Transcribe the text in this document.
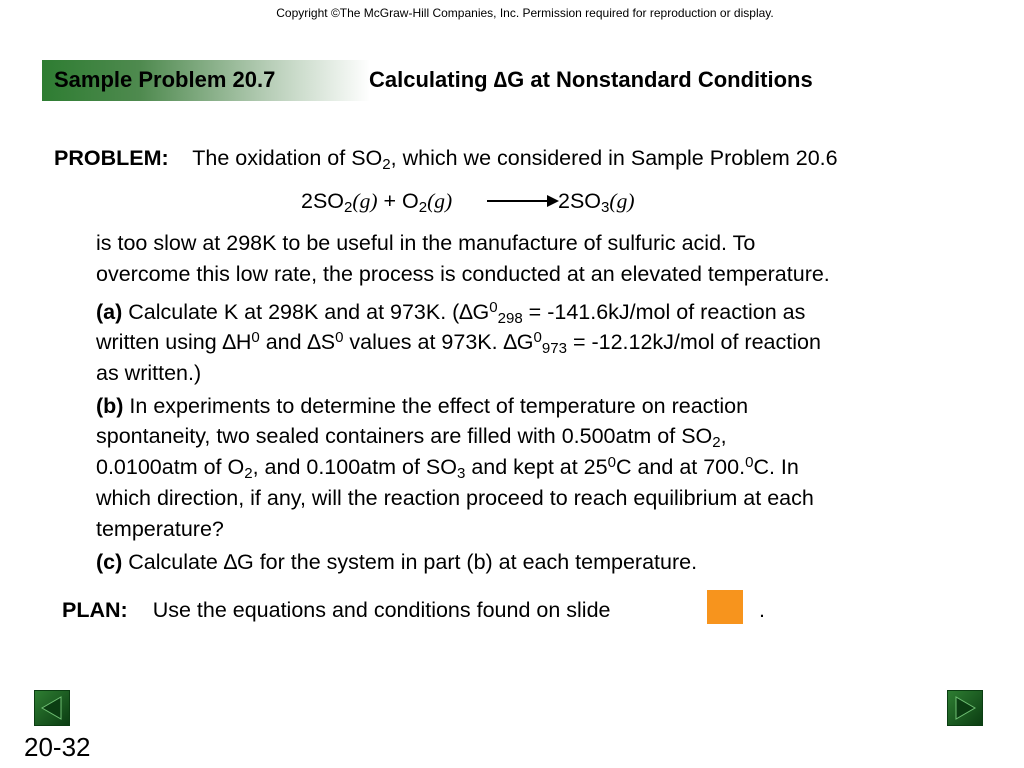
Copyright ©The McGraw-Hill Companies, Inc. Permission required for reproduction or display.
Sample Problem 20.7	Calculating ∆G at Nonstandard Conditions
PROBLEM: The oxidation of $SO_2$, which we considered in Sample Problem 20.6
$2SO_2(g) + O_2(g)$	$2SO_3(g)$
is too slow at 298K to be useful in the manufacture of sulfuric acid. To
overcome this low rate, the process is conducted at an elevated temperature.
(a) Calculate K at 298K and at 973K. ($\Delta G^0_{298} = -141.6kJ/mol$ of reaction as
written using $\Delta H^0$ and $\Delta S^0$ values at 973K. $\Delta G^0_{973} = -12.12kJ/mol$ of reaction
as written.)
(b) In experiments to determine the effect of temperature on reaction
spontaneity, two sealed containers are filled with 0.500atm of $SO_2$,
0.0100atm of $O_2$, and 0.100atm of $SO_3$ and kept at $25^0C$ and at 700.$^0$C. In
which direction, if any, will the reaction proceed to reach equilibrium at each
temperature?
(c) Calculate ∆G for the system in part (b) at each temperature.
PLAN: Use the equations and conditions found on slide	.
20-32
